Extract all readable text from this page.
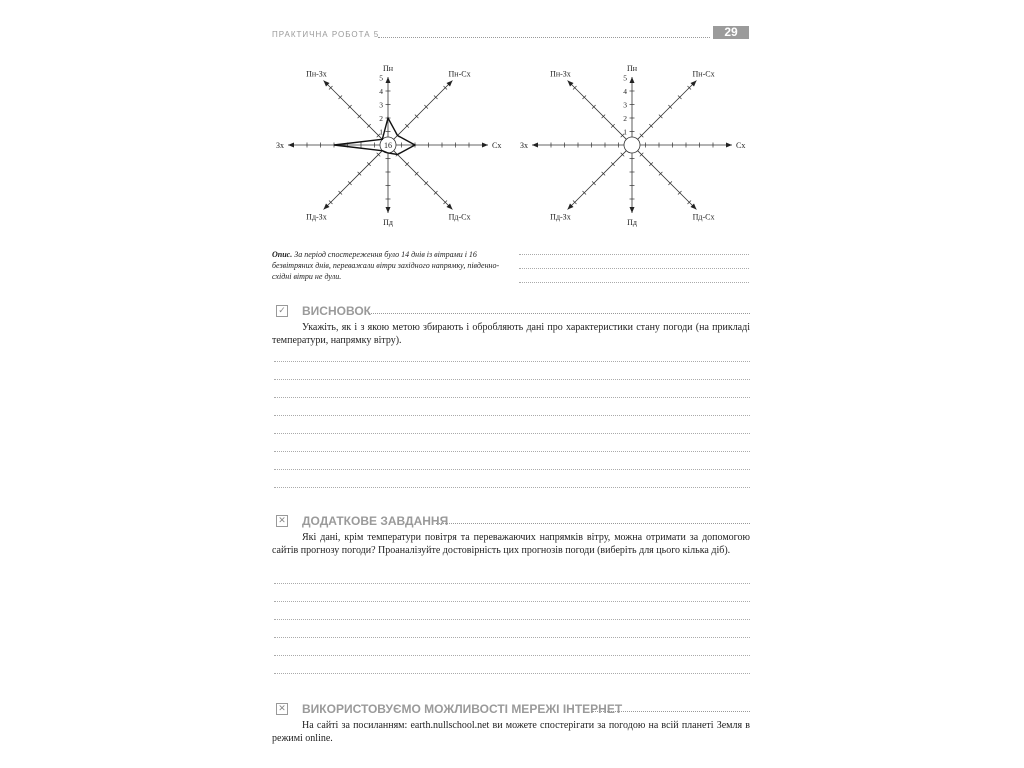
ПРАКТИЧНА РОБОТА 5	29
Пн
Пн-Сх
Сх
Пд-Сх
Пд
Пд-Зх
Зх
Пн-Зх
1
2
3
4
5
16
Пн
Пн-Сх
Сх
Пд-Сх
Пд
Пд-Зх
Зх
Пн-Зх
1
2
3
4
5
Опис. За період спостереження було 14 днів із вітрами і 16 безвітряних днів, переважали вітри західного напрямку, південно-східні вітри не дули.
✓ ВИСНОВОК
Укажіть, як і з якою метою збирають і обробляють дані про характеристики стану погоди (на прикладі температури, напрямку вітру).
✕ ДОДАТКОВЕ ЗАВДАННЯ
Які дані, крім температури повітря та переважаючих напрямків вітру, можна отримати за допомогою сайтів прогнозу погоди? Проаналізуйте достовірність цих прогнозів погоди (виберіть для цього кілька діб).
✕ ВИКОРИСТОВУЄМО МОЖЛИВОСТІ МЕРЕЖІ ІНТЕРНЕТ
На сайті за посиланням: earth.nullschool.net ви можете спостерігати за погодою на всій планеті Земля в режимі online.
